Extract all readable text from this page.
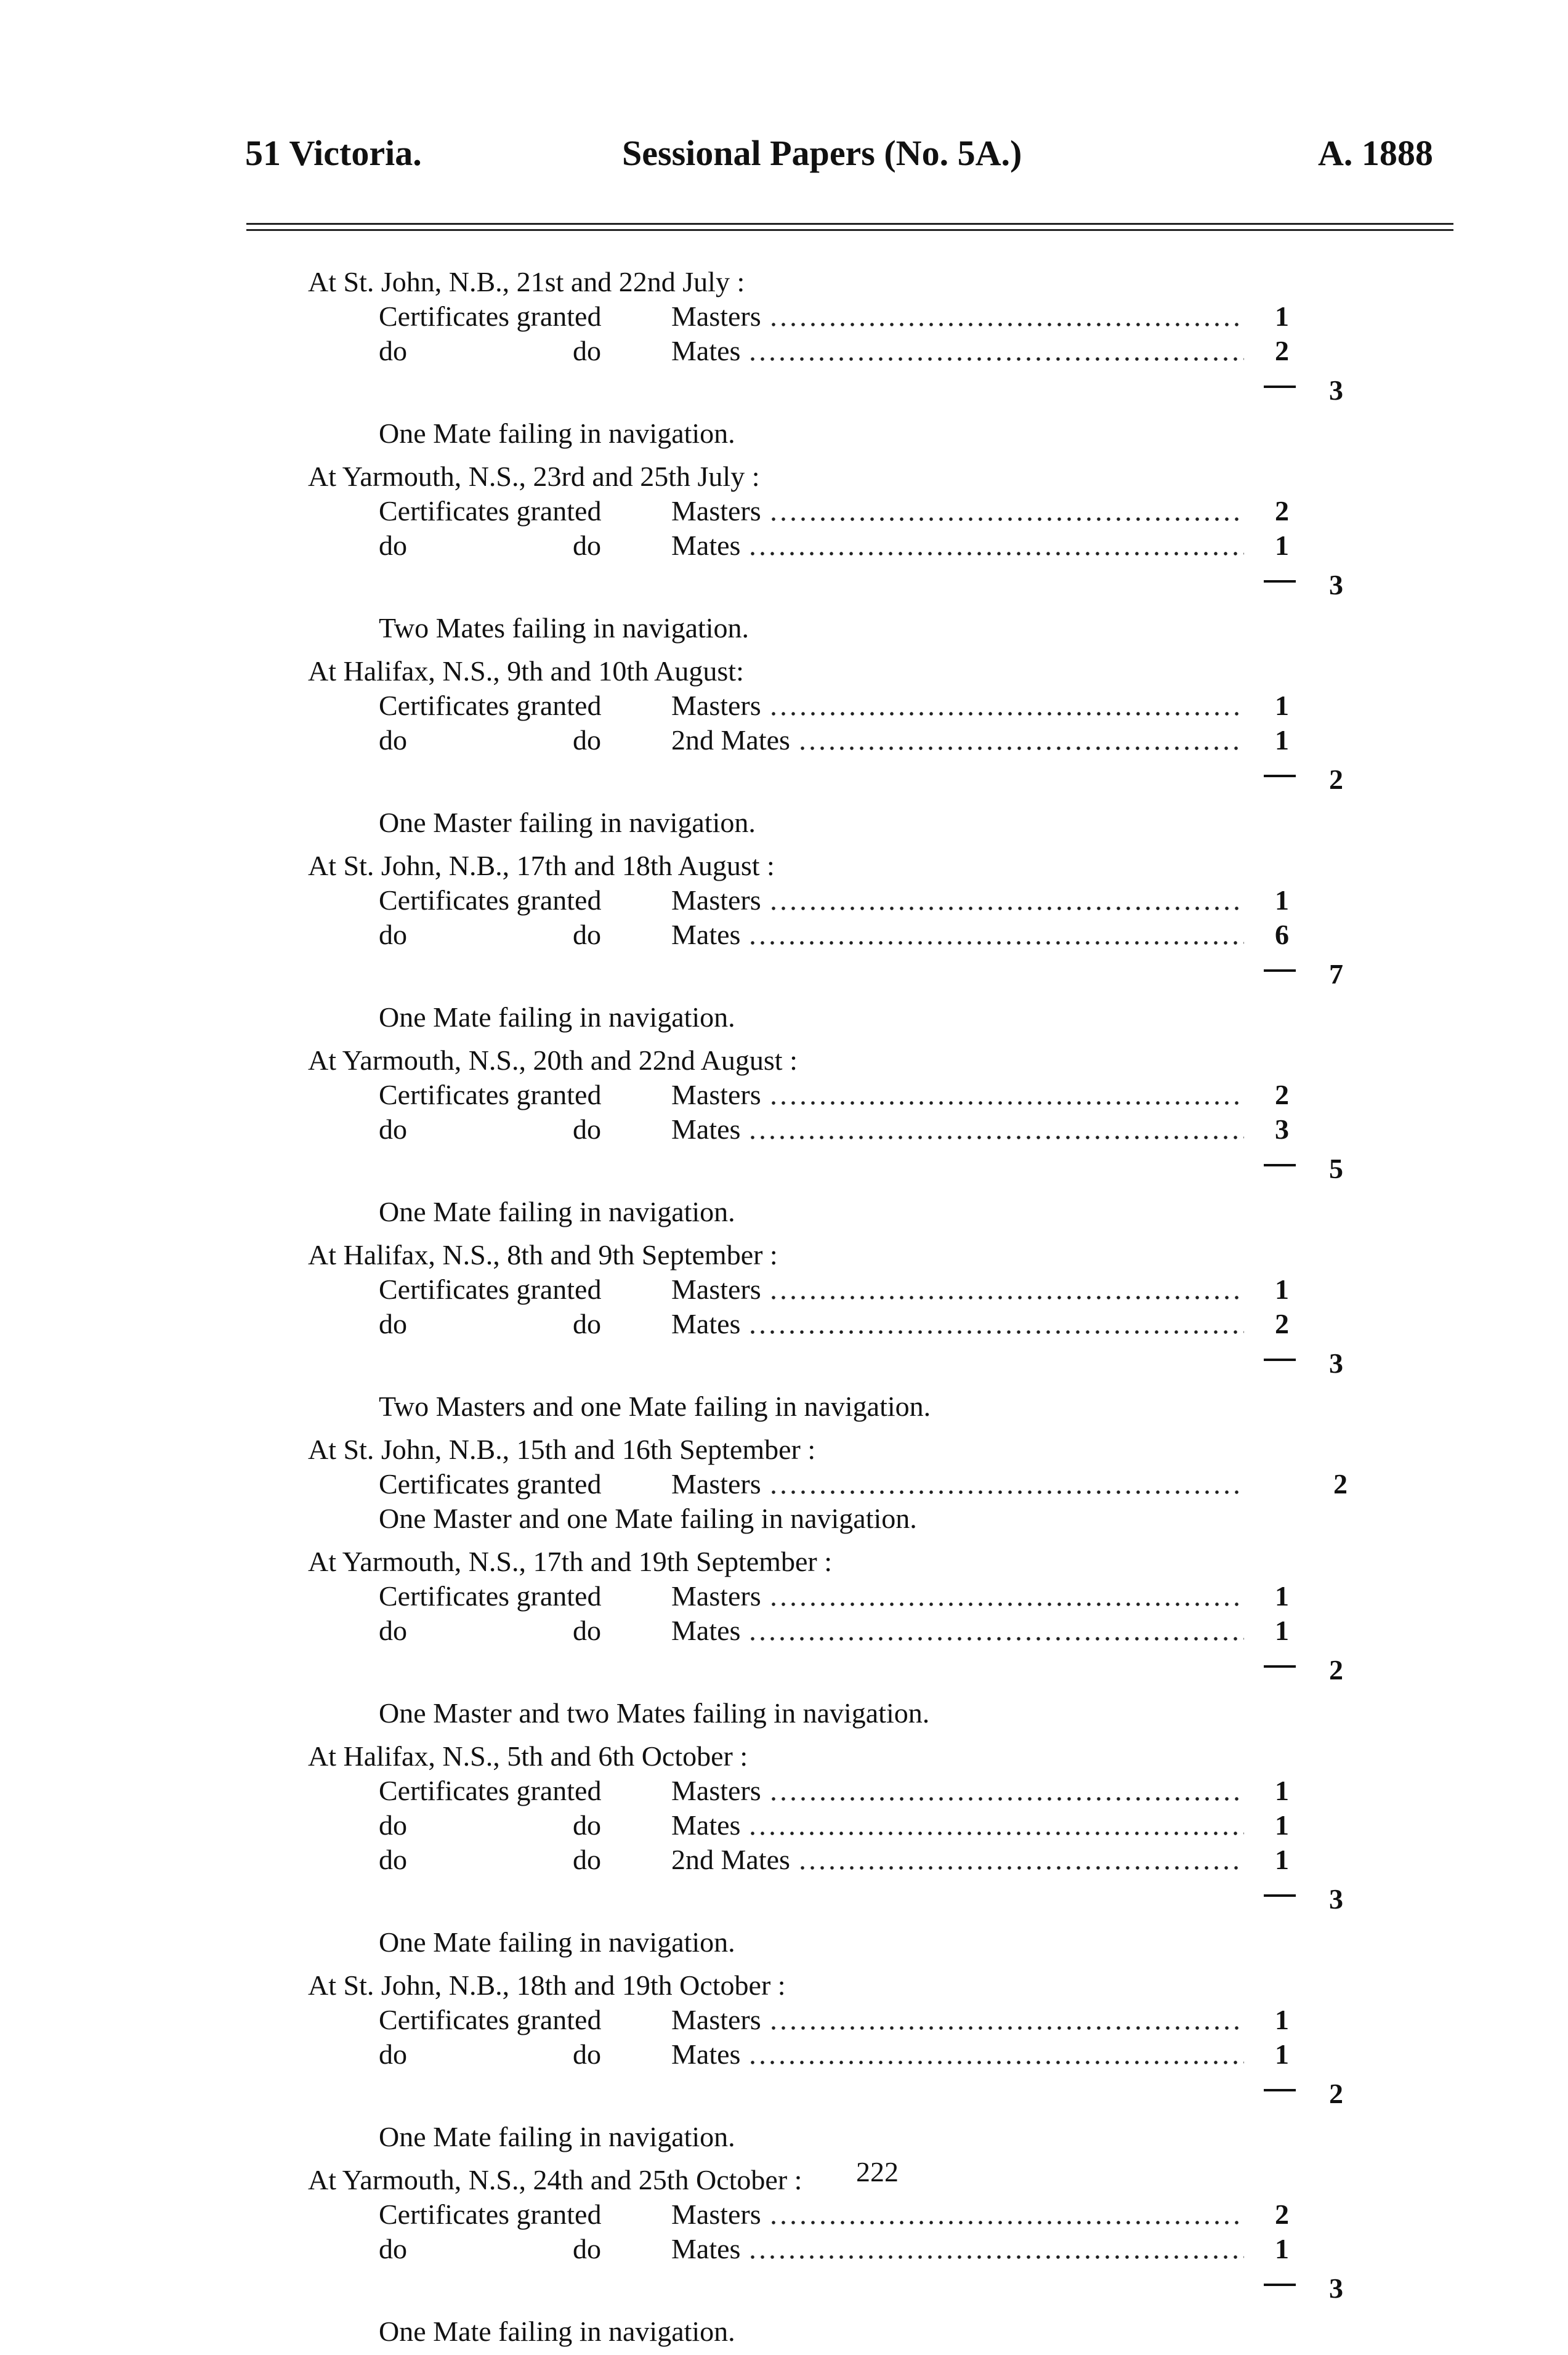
51 Victoria.	Sessional Papers (No. 5A.)	A. 1888
At St. John, N.B., 21st and 22nd July :
Certificates granted Masters	1
do	do Mates	2
3
One Mate failing in navigation.
At Yarmouth, N.S., 23rd and 25th July :
Certificates granted Masters	2
do	do Mates	1
3
Two Mates failing in navigation.
At Halifax, N.S., 9th and 10th August:
Certificates granted Masters	1
do	do 2nd Mates	1
2
One Master failing in navigation.
At St. John, N.B., 17th and 18th August :
Certificates granted Masters	1
do	do Mates	6
7
One Mate failing in navigation.
At Yarmouth, N.S., 20th and 22nd August :
Certificates granted Masters	2
do	do Mates	3
5
One Mate failing in navigation.
At Halifax, N.S., 8th and 9th September :
Certificates granted Masters	1
do	do Mates	2
3
Two Masters and one Mate failing in navigation.
At St. John, N.B., 15th and 16th September :
Certificates granted Masters	2
One Master and one Mate failing in navigation.
At Yarmouth, N.S., 17th and 19th September :
Certificates granted Masters	1
do	do Mates	1
2
One Master and two Mates failing in navigation.
At Halifax, N.S., 5th and 6th October :
Certificates granted Masters	1
do	do Mates	1
do	do 2nd Mates	1
3
One Mate failing in navigation.
At St. John, N.B., 18th and 19th October :
Certificates granted Masters	1
do	do Mates	1
2
One Mate failing in navigation.
At Yarmouth, N.S., 24th and 25th October :
Certificates granted Masters	2
do	do Mates	1
3
One Mate failing in navigation.
222
